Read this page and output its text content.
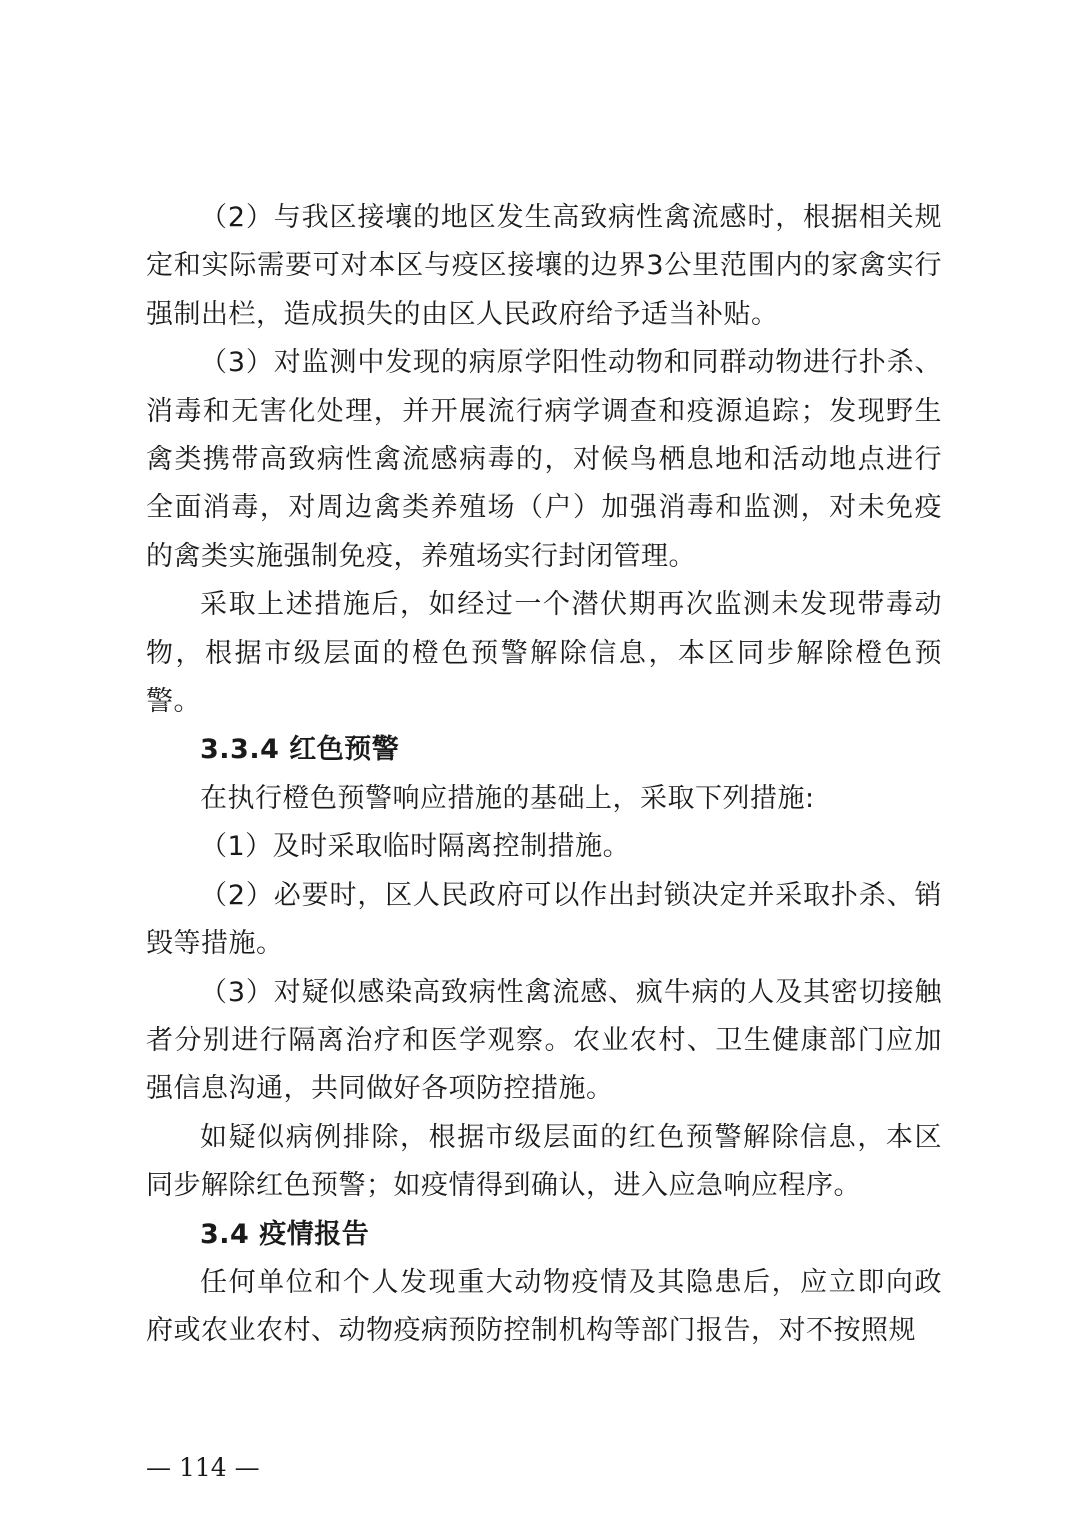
（2）与我区接壤的地区发生高致病性禽流感时，根据相关规定和实际需要可对本区与疫区接壤的边界3公里范围内的家禽实行强制出栏，造成损失的由区人民政府给予适当补贴。

（3）对监测中发现的病原学阳性动物和同群动物进行扑杀、消毒和无害化处理，并开展流行病学调查和疫源追踪；发现野生禽类携带高致病性禽流感病毒的，对候鸟栖息地和活动地点进行全面消毒，对周边禽类养殖场（户）加强消毒和监测，对未免疫的禽类实施强制免疫，养殖场实行封闭管理。

采取上述措施后，如经过一个潜伏期再次监测未发现带毒动物，根据市级层面的橙色预警解除信息，本区同步解除橙色预警。

3.3.4 红色预警

在执行橙色预警响应措施的基础上，采取下列措施:

（1）及时采取临时隔离控制措施。

（2）必要时，区人民政府可以作出封锁决定并采取扑杀、销毁等措施。

（3）对疑似感染高致病性禽流感、疯牛病的人及其密切接触者分别进行隔离治疗和医学观察。农业农村、卫生健康部门应加强信息沟通，共同做好各项防控措施。

如疑似病例排除，根据市级层面的红色预警解除信息，本区同步解除红色预警；如疫情得到确认，进入应急响应程序。

3.4 疫情报告

任何单位和个人发现重大动物疫情及其隐患后，应立即向政府或农业农村、动物疫病预防控制机构等部门报告，对不按照规

— 114 —
